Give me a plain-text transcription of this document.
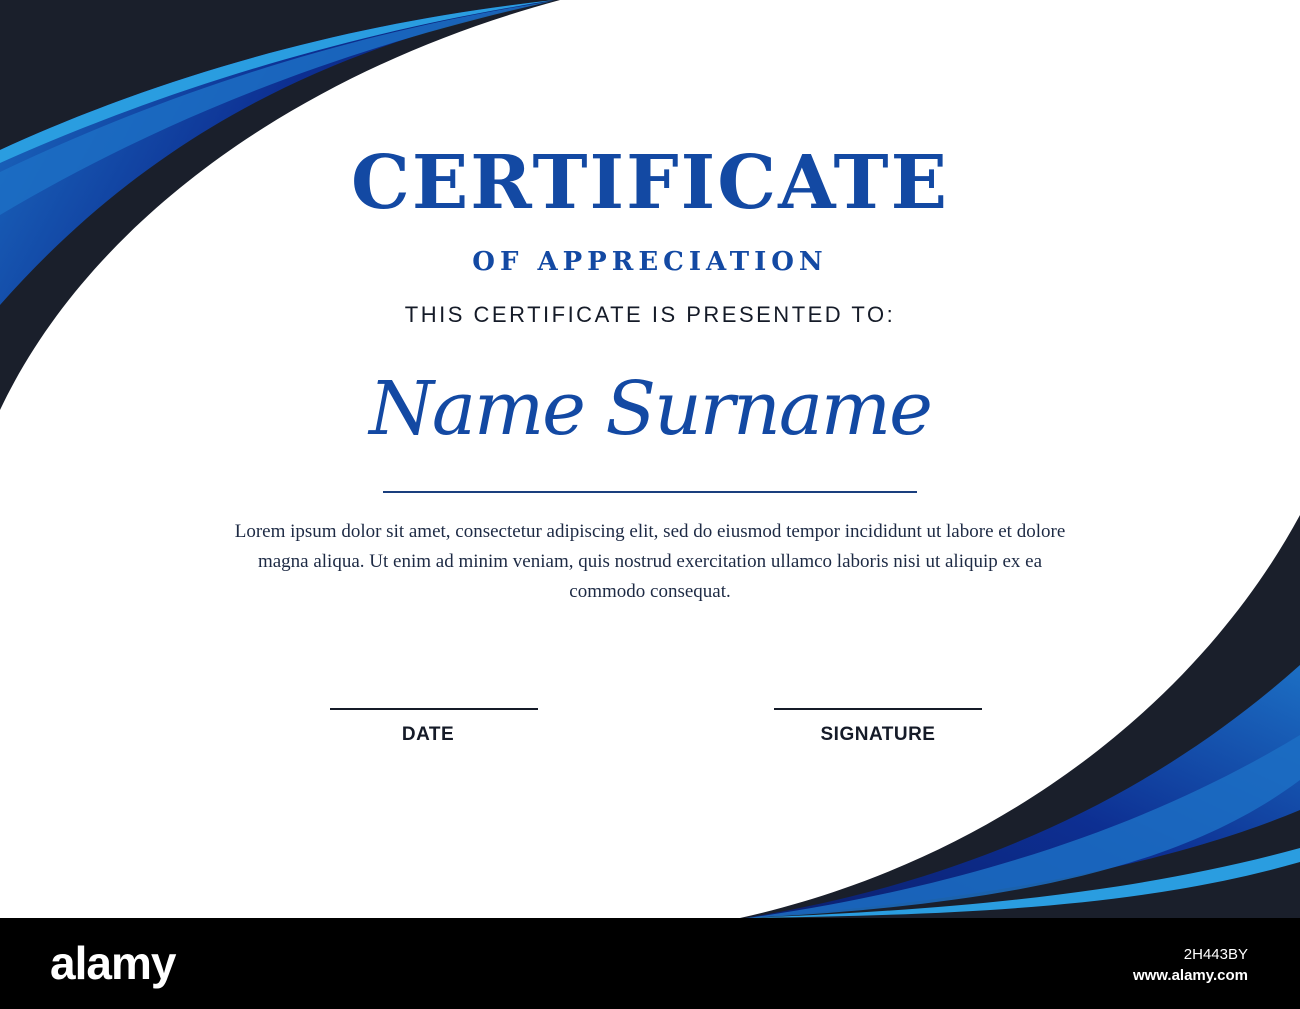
CERTIFICATE
OF APPRECIATION
THIS CERTIFICATE IS PRESENTED TO:
Name Surname
Lorem ipsum dolor sit amet, consectetur adipiscing elit, sed do eiusmod tempor incididunt ut labore et dolore magna aliqua. Ut enim ad minim veniam, quis nostrud exercitation ullamco laboris nisi ut aliquip ex ea commodo consequat.
DATE	SIGNATURE
alamy	2H443BY
www.alamy.com
